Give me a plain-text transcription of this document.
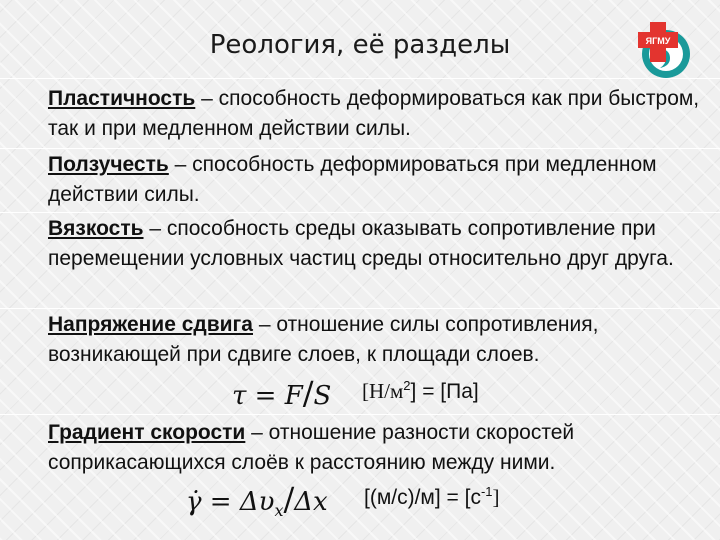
Реология, её разделы	ЯГМУ
Пластичность – способность деформироваться как при быстром, так и при медленном действии силы.
Ползучесть – способность деформироваться при медленном действии силы.
Вязкость – способность среды оказывать сопротивление при перемещении условных частиц среды относительно друг друга.
Напряжение сдвига – отношение силы сопротивления, возникающей при сдвиге слоев, к площади слоев.
τ = F/S $[Н/м^2] = [Па]$
Градиент скорости – отношение разности скоростей соприкасающихся слоёв к расстоянию между ними.
γ̇ = $\Delta\upsilon_x/\Delta x$ $[(м/с)/м] = [с^{-1}]$
